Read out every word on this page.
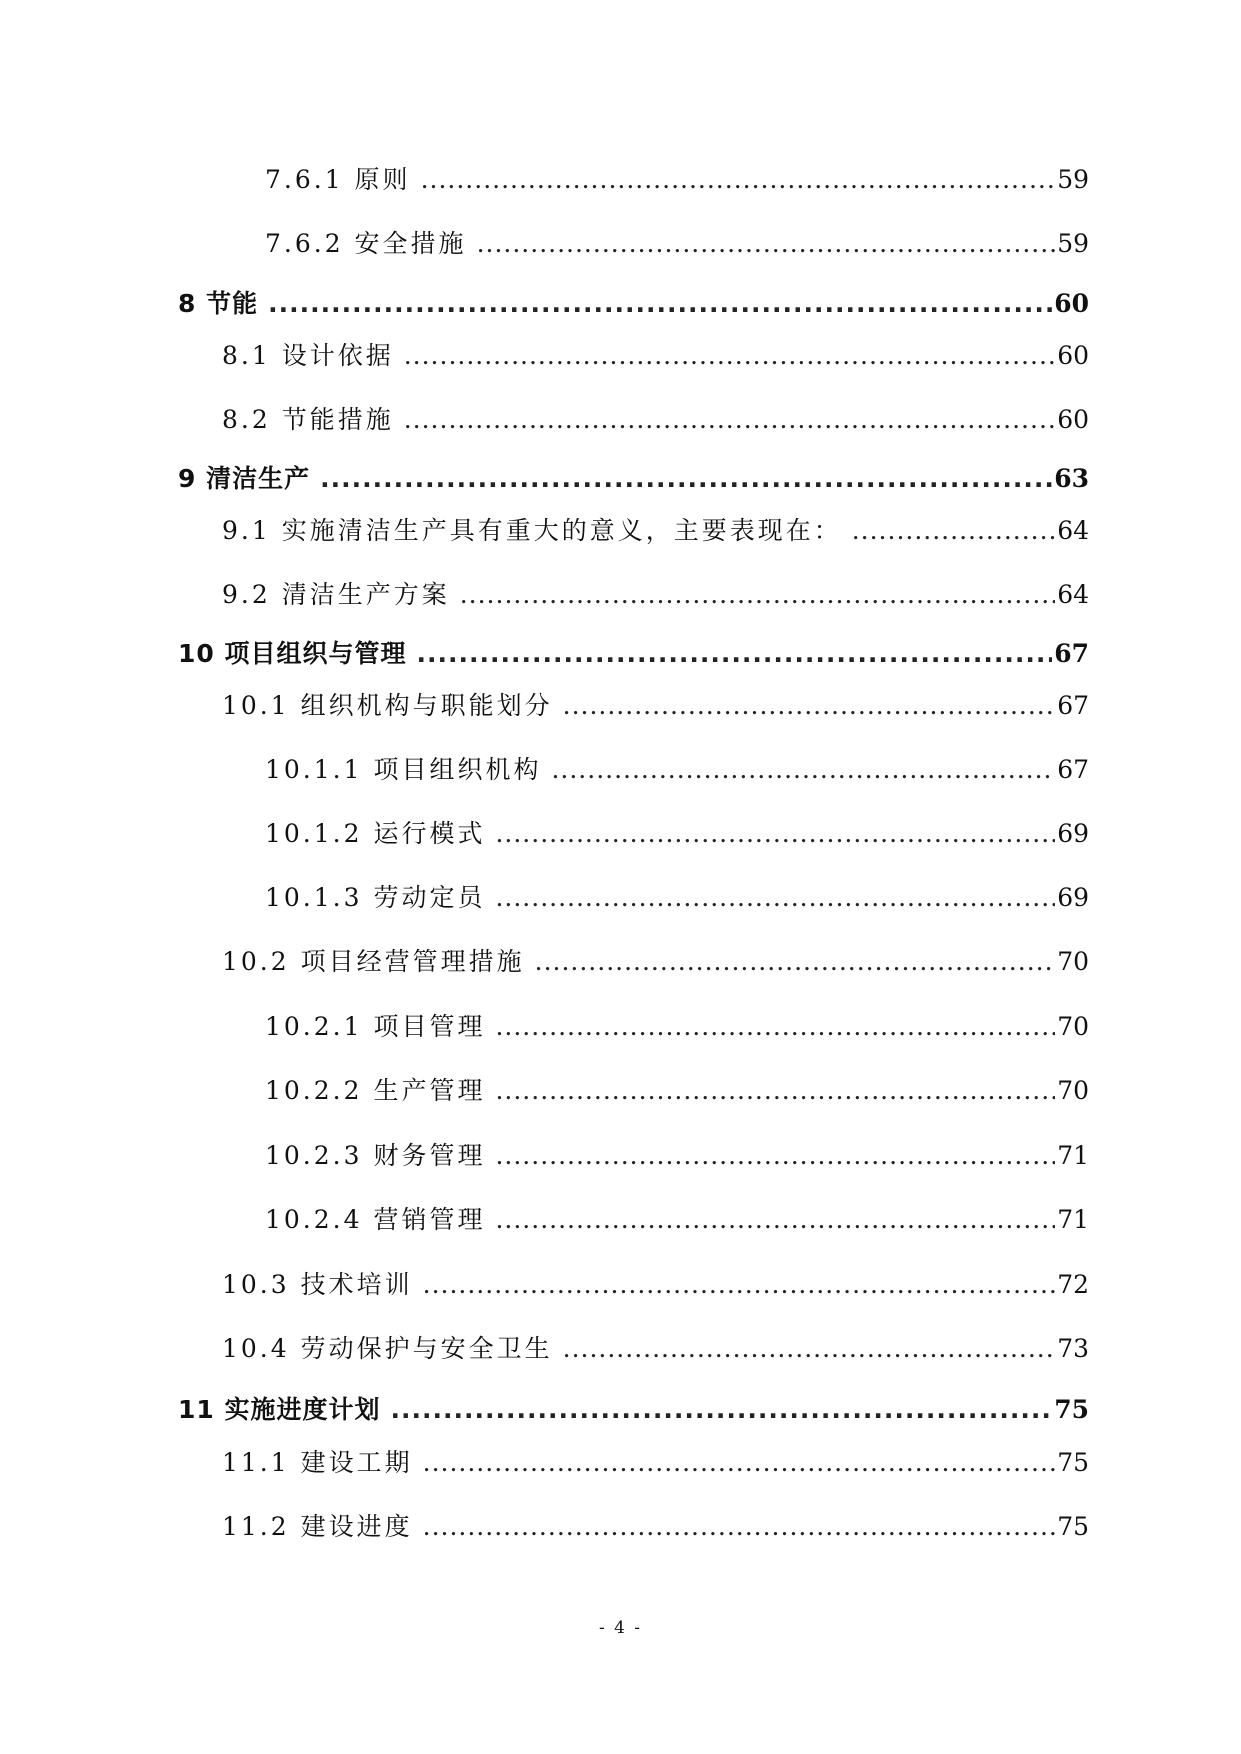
7.6.1 原则 .....	59
7.6.2 安全措施 .....	59
8 节能 .....	60
8.1 设计依据 .....	60
8.2 节能措施 .....	60
9 清洁生产 .....	63
9.1 实施清洁生产具有重大的意义，主要表现在： .....	64
9.2 清洁生产方案 .....	64
10 项目组织与管理 .....	67
10.1 组织机构与职能划分 .....	67
10.1.1 项目组织机构 .....	67
10.1.2 运行模式 .....	69
10.1.3 劳动定员 .....	69
10.2 项目经营管理措施 .....	70
10.2.1 项目管理 .....	70
10.2.2 生产管理 .....	70
10.2.3 财务管理 .....	71
10.2.4 营销管理 .....	71
10.3 技术培训 .....	72
10.4 劳动保护与安全卫生 .....	73
11 实施进度计划 .....	75
11.1 建设工期 .....	75
11.2 建设进度 .....	75
- 4 -
